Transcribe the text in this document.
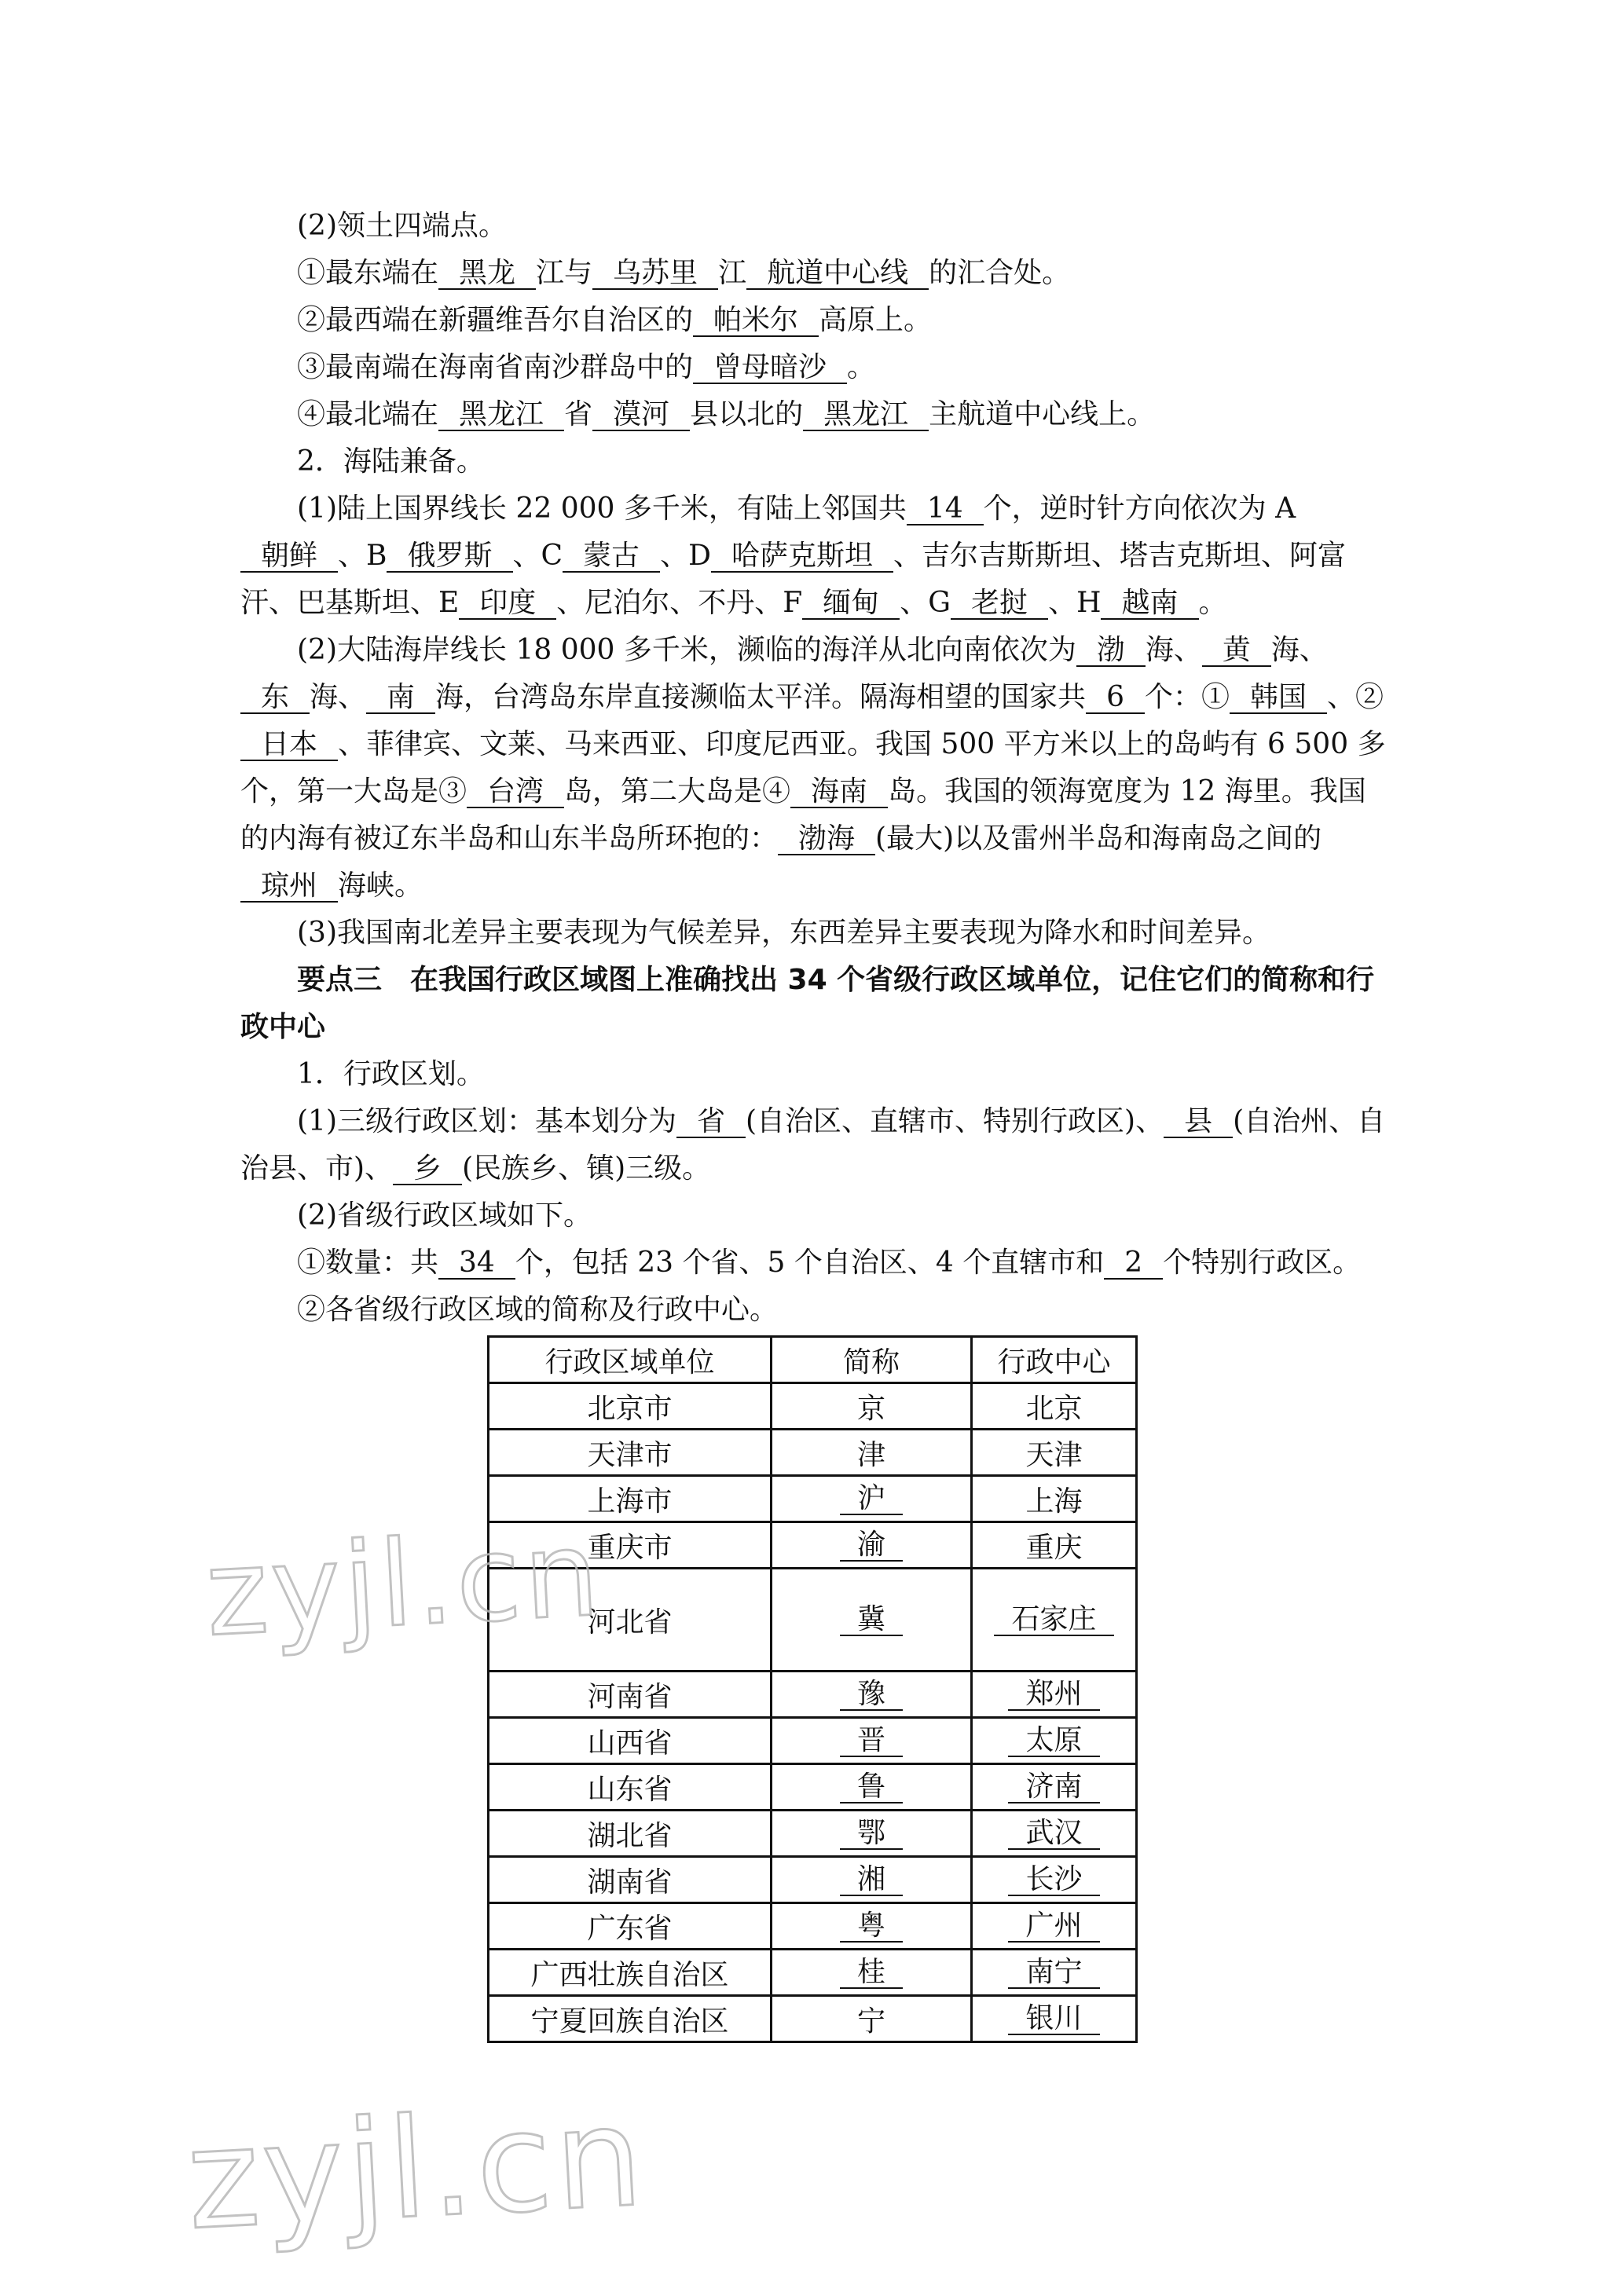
(2)领土四端点。

①最东端在 黑龙 江与 乌苏里 江 航道中心线 的汇合处。

②最西端在新疆维吾尔自治区的 帕米尔 高原上。

③最南端在海南省南沙群岛中的 曾母暗沙 。

④最北端在 黑龙江 省 漠河 县以北的 黑龙江 主航道中心线上。

2．海陆兼备。

(1)陆上国界线长 22 000 多千米，有陆上邻国共 14 个，逆时针方向依次为 A朝鲜 、B 俄罗斯 、C 蒙古 、D 哈萨克斯坦 、吉尔吉斯斯坦、塔吉克斯坦、阿富汗、巴基斯坦、E 印度 、尼泊尔、不丹、F 缅甸 、G 老挝 、H 越南 。

(2)大陆海岸线长 18 000 多千米，濒临的海洋从北向南依次为 渤 海、 黄 海、东 海、 南 海，台湾岛东岸直接濒临太平洋。隔海相望的国家共 6 个：① 韩国 、②日本 、菲律宾、文莱、马来西亚、印度尼西亚。我国 500 平方米以上的岛屿有 6 500 多个，第一大岛是③ 台湾 岛，第二大岛是④ 海南 岛。我国的领海宽度为 12 海里。我国的内海有被辽东半岛和山东半岛所环抱的： 渤海 (最大)以及雷州半岛和海南岛之间的琼州 海峡。

(3)我国南北差异主要表现为气候差异，东西差异主要表现为降水和时间差异。

要点三　在我国行政区域图上准确找出 34 个省级行政区域单位，记住它们的简称和行政中心

1．行政区划。

(1)三级行政区划：基本划分为 省 (自治区、直辖市、特别行政区)、 县 (自治州、自治县、市)、 乡 (民族乡、镇)三级。

(2)省级行政区域如下。

①数量：共 34 个，包括 23 个省、5 个自治区、4 个直辖市和 2 个特别行政区。

②各省级行政区域的简称及行政中心。

行政区域单位	简称	行政中心
北京市	京	北京
天津市	津	天津
上海市	沪	上海
重庆市	渝	重庆
河北省	冀	石家庄
河南省	豫	郑州
山西省	晋	太原
山东省	鲁	济南
湖北省	鄂	武汉
湖南省	湘	长沙
广东省	粤	广州
广西壮族自治区	桂	南宁
宁夏回族自治区	宁	银川
zyjl.cn
zyjl.cn
